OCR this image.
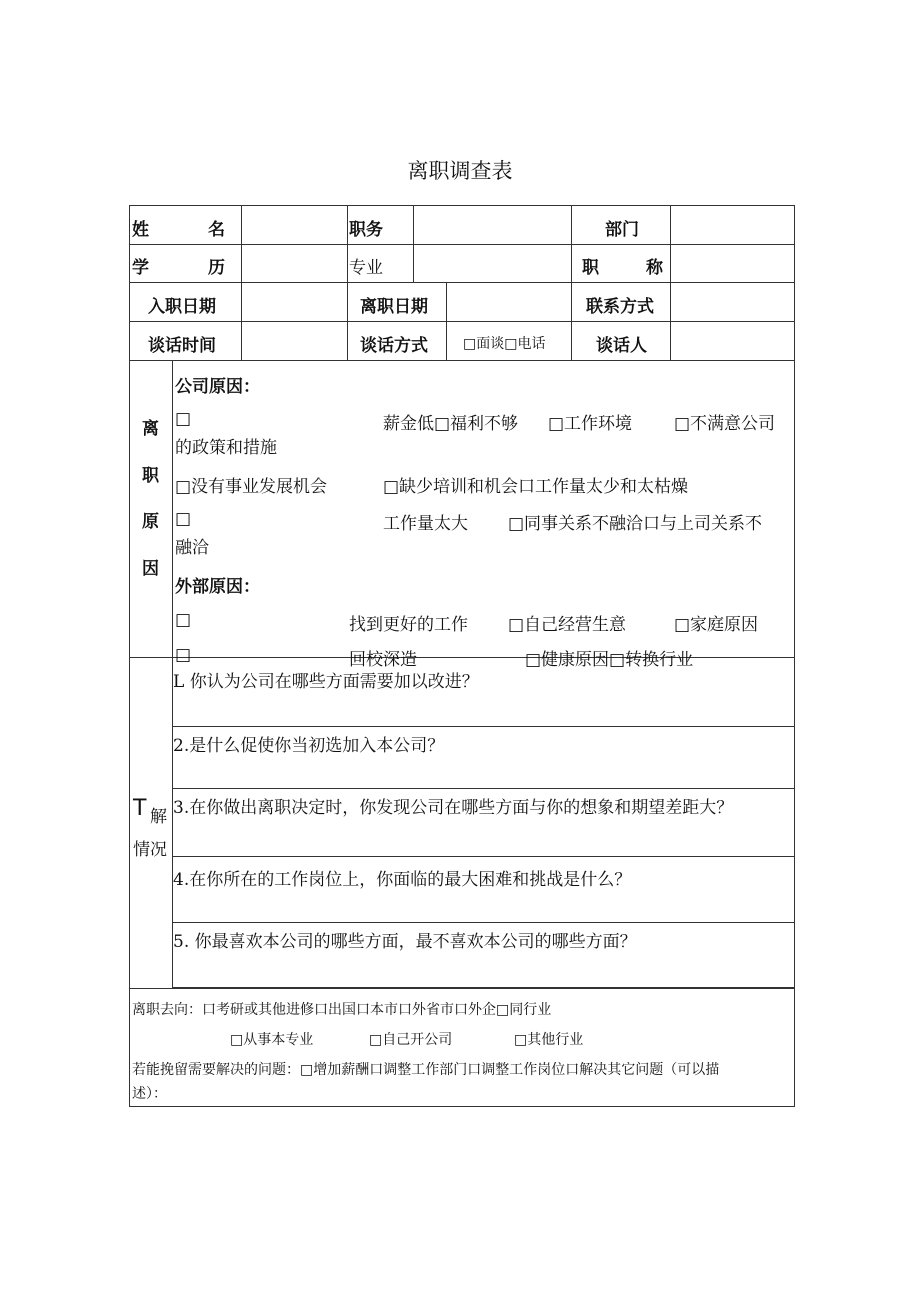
离职调查表
姓	名	职务	部门
学	历	专业	职	称
入职日期	离职日期	联系方式
谈话时间	谈话方式	□面谈□电话	谈话人
离
职
原
因
公司原因：
□	薪金低□福利不够 □工作环境 □不满意公司
的政策和措施
□没有事业发展机会	□缺少培训和机会口工作量太少和太枯燥
□	工作量太大 □同事关系不融洽口与上司关系不
融洽
外部原因：
□	找到更好的工作 □自己经营生意	□家庭原因
□	回校深造	□健康原因□转换行业
T 解
情况
L 你认为公司在哪些方面需要加以改进？
2.是什么促使你当初选加入本公司？
3.在你做出离职决定时，你发现公司在哪些方面与你的想象和期望差距大？
4.在你所在的工作岗位上，你面临的最大困难和挑战是什么？
5. 你最喜欢本公司的哪些方面，最不喜欢本公司的哪些方面？
离职去向： 口考研或其他进修口出国口本市口外省市口外企□同行业
□从事本专业	□自己开公司	□其他行业
若能挽留需要解决的问题：□增加薪酬口调整工作部门口调整工作岗位口解决其它问题（可以描
述）：
